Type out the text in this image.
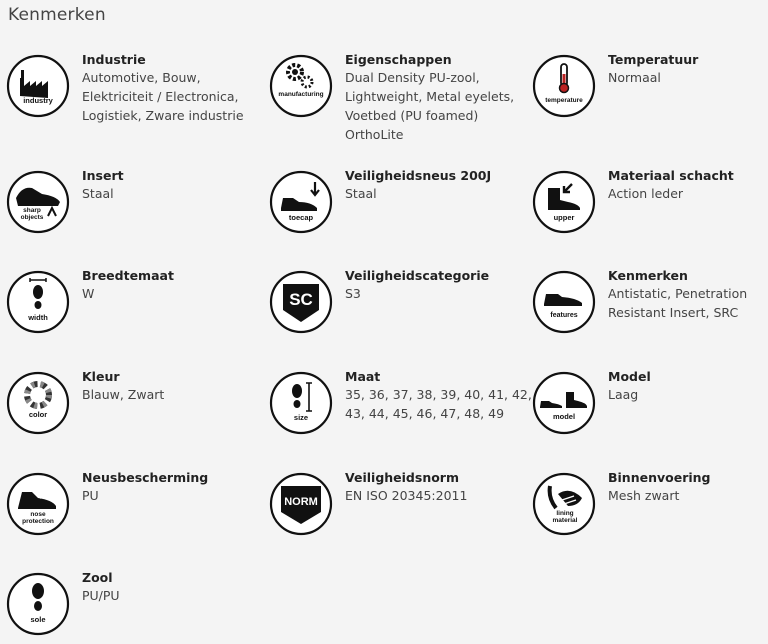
Kenmerken
industry
Industrie
Automotive, Bouw, Elektriciteit / Electronica, Logistiek, Zware industrie
manufacturing
Eigenschappen
Dual Density PU-zool, Lightweight, Metal eyelets, Voetbed (PU foamed) OrthoLite
temperature
Temperatuur
Normaal
sharp
objects
Insert
Staal
toecap
Veiligheidsneus 200J
Staal
upper
Materiaal schacht
Action leder
width
Breedtemaat
W	SC
Veiligheidscategorie
S3
features
Kenmerken
Antistatic, Penetration Resistant Insert, SRC
color
Kleur
Blauw, Zwart
size
Maat
35, 36, 37, 38, 39, 40, 41, 42, 43, 44, 45, 46, 47, 48, 49	model
Model
Laag
nose
protection
Neusbescherming
PU	NORM
Veiligheidsnorm
EN ISO 20345:2011
lining
material
Binnenvoering
Mesh zwart
sole
Zool
PU/PU
